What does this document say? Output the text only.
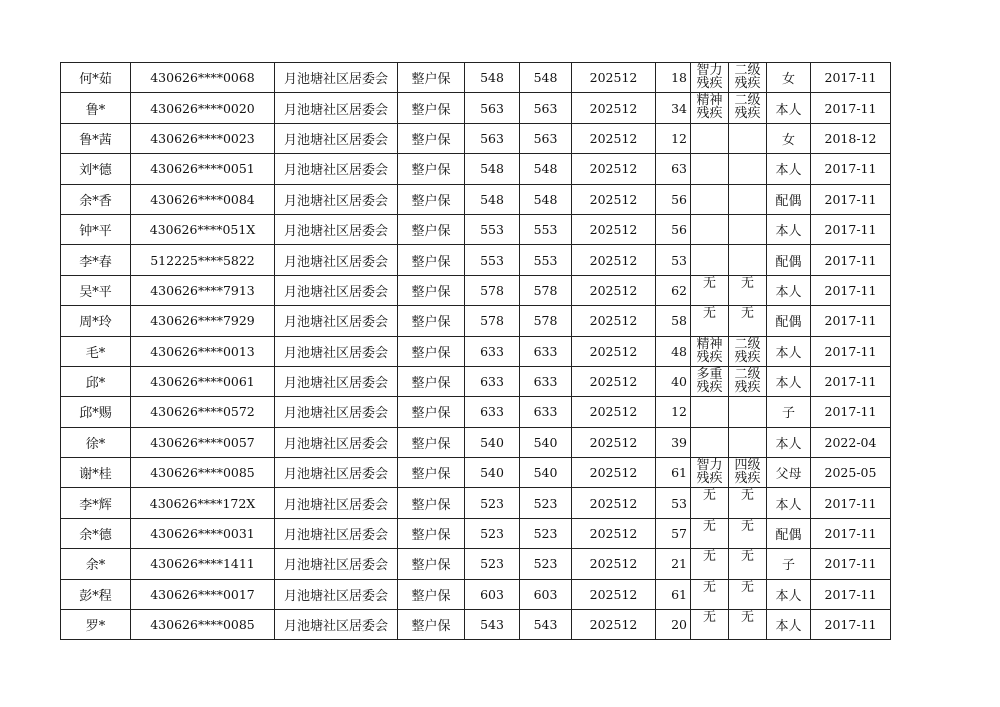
何*茹	430626****0068	月池塘社区居委会	整户保	548	548	202512	18	智力残疾	二级残疾	女	2017-11
鲁*	430626****0020	月池塘社区居委会	整户保	563	563	202512	34	精神残疾	二级残疾	本人	2017-11
鲁*茜	430626****0023	月池塘社区居委会	整户保	563	563	202512	12			女	2018-12
刘*德	430626****0051	月池塘社区居委会	整户保	548	548	202512	63			本人	2017-11
余*香	430626****0084	月池塘社区居委会	整户保	548	548	202512	56			配偶	2017-11
钟*平	430626****051X	月池塘社区居委会	整户保	553	553	202512	56			本人	2017-11
李*春	512225****5822	月池塘社区居委会	整户保	553	553	202512	53			配偶	2017-11
吴*平	430626****7913	月池塘社区居委会	整户保	578	578	202512	62	无	无	本人	2017-11
周*玲	430626****7929	月池塘社区居委会	整户保	578	578	202512	58	无	无	配偶	2017-11
毛*	430626****0013	月池塘社区居委会	整户保	633	633	202512	48	精神残疾	二级残疾	本人	2017-11
邱*	430626****0061	月池塘社区居委会	整户保	633	633	202512	40	多重残疾	二级残疾	本人	2017-11
邱*赐	430626****0572	月池塘社区居委会	整户保	633	633	202512	12			子	2017-11
徐*	430626****0057	月池塘社区居委会	整户保	540	540	202512	39			本人	2022-04
谢*桂	430626****0085	月池塘社区居委会	整户保	540	540	202512	61	智力残疾	四级残疾	父母	2025-05
李*辉	430626****172X	月池塘社区居委会	整户保	523	523	202512	53	无	无	本人	2017-11
余*德	430626****0031	月池塘社区居委会	整户保	523	523	202512	57	无	无	配偶	2017-11
余*	430626****1411	月池塘社区居委会	整户保	523	523	202512	21	无	无	子	2017-11
彭*程	430626****0017	月池塘社区居委会	整户保	603	603	202512	61	无	无	本人	2017-11
罗*	430626****0085	月池塘社区居委会	整户保	543	543	202512	20	无	无	本人	2017-11
